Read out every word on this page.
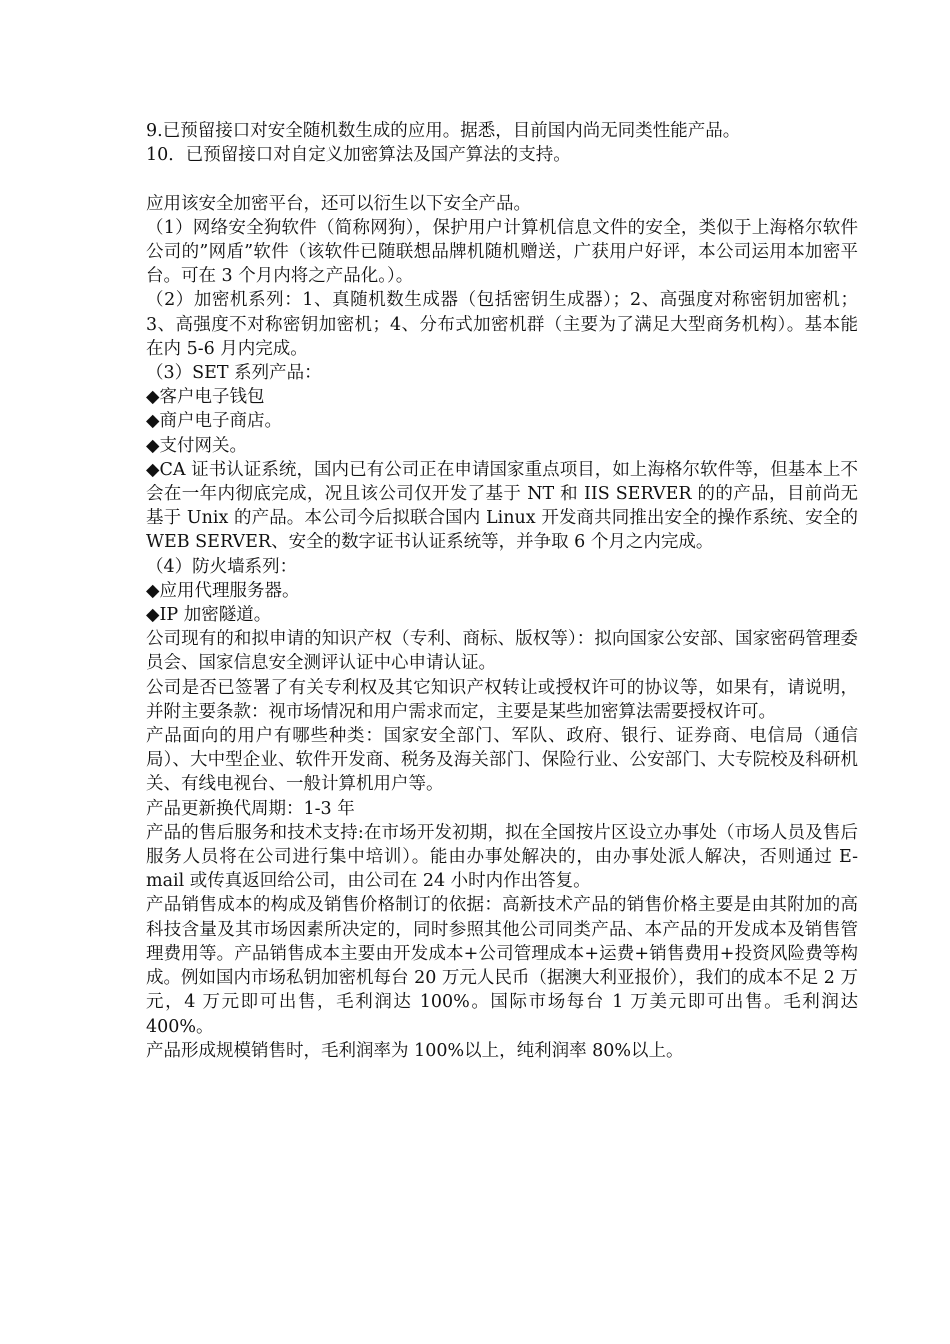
9.已预留接口对安全随机数生成的应用。据悉，目前国内尚无同类性能产品。

10．已预留接口对自定义加密算法及国产算法的支持。

应用该安全加密平台，还可以衍生以下安全产品。

（1）网络安全狗软件（简称网狗），保护用户计算机信息文件的安全，类似于上海格尔软件公司的”网盾”软件（该软件已随联想品牌机随机赠送，广获用户好评，本公司运用本加密平台。可在 3 个月内将之产品化。）。

（2）加密机系列：1、真随机数生成器（包括密钥生成器）；2、高强度对称密钥加密机；3、高强度不对称密钥加密机；4、分布式加密机群（主要为了满足大型商务机构）。基本能在内 5-6 月内完成。

（3）SET 系列产品：

◆客户电子钱包

◆商户电子商店。

◆支付网关。

◆CA 证书认证系统，国内已有公司正在申请国家重点项目，如上海格尔软件等，但基本上不会在一年内彻底完成，况且该公司仅开发了基于 NT 和 IIS SERVER 的的产品，目前尚无基于 Unix 的产品。本公司今后拟联合国内 Linux 开发商共同推出安全的操作系统、安全的 WEB SERVER、安全的数字证书认证系统等，并争取 6 个月之内完成。

（4）防火墙系列：

◆应用代理服务器。

◆IP 加密隧道。

公司现有的和拟申请的知识产权（专利、商标、版权等）：拟向国家公安部、国家密码管理委员会、国家信息安全测评认证中心申请认证。

公司是否已签署了有关专利权及其它知识产权转让或授权许可的协议等，如果有，请说明，并附主要条款：视市场情况和用户需求而定，主要是某些加密算法需要授权许可。

产品面向的用户有哪些种类：国家安全部门、军队、政府、银行、证券商、电信局（通信局）、大中型企业、软件开发商、税务及海关部门、保险行业、公安部门、大专院校及科研机关、有线电视台、一般计算机用户等。

产品更新换代周期：1-3 年

产品的售后服务和技术支持:在市场开发初期，拟在全国按片区设立办事处（市场人员及售后服务人员将在公司进行集中培训）。能由办事处解决的，由办事处派人解决，否则通过 E-mail 或传真返回给公司，由公司在 24 小时内作出答复。

产品销售成本的构成及销售价格制订的依据：高新技术产品的销售价格主要是由其附加的高科技含量及其市场因素所决定的，同时参照其他公司同类产品、本产品的开发成本及销售管理费用等。产品销售成本主要由开发成本+公司管理成本+运费+销售费用+投资风险费等构成。例如国内市场私钥加密机每台 20 万元人民币（据澳大利亚报价），我们的成本不足 2 万元，4 万元即可出售，毛利润达 100%。国际市场每台 1 万美元即可出售。毛利润达 400%。

产品形成规模销售时，毛利润率为 100%以上，纯利润率 80%以上。
